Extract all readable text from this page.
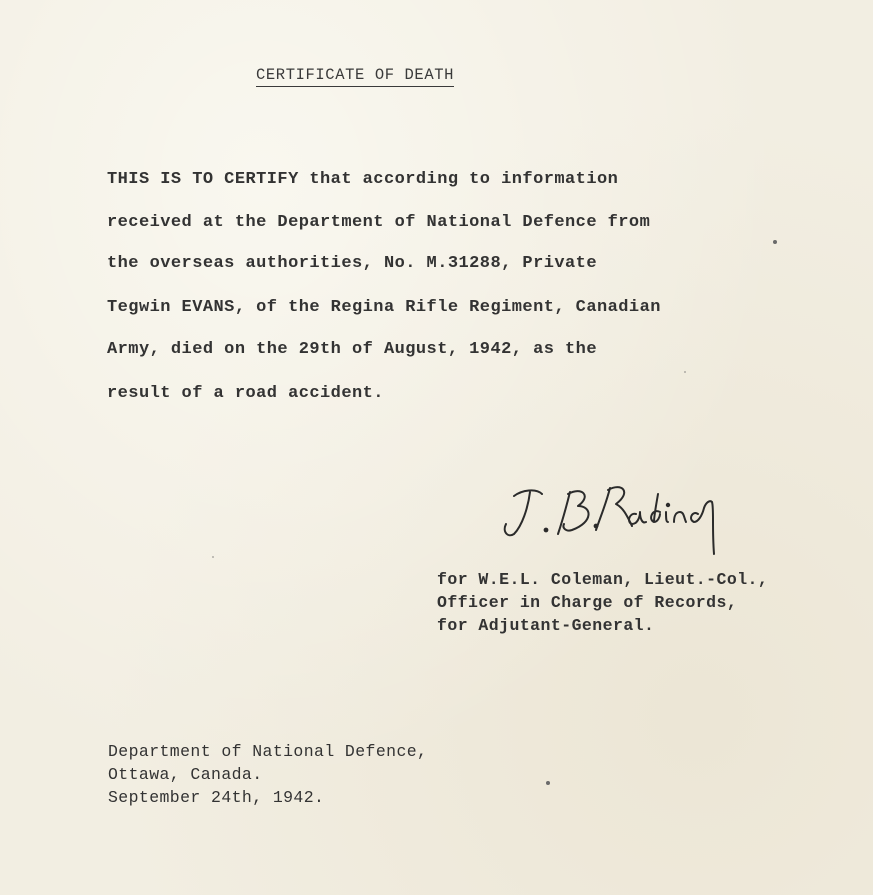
CERTIFICATE OF DEATH
THIS IS TO CERTIFY that according to information
received at the Department of National Defence from
the overseas authorities, No. M.31288, Private
Tegwin EVANS, of the Regina Rifle Regiment, Canadian
Army, died on the 29th of August, 1942, as the
result of a road accident.
for W.E.L. Coleman, Lieut.-Col.,
Officer in Charge of Records,
for Adjutant-General.
Department of National Defence,
Ottawa, Canada.
September 24th, 1942.
